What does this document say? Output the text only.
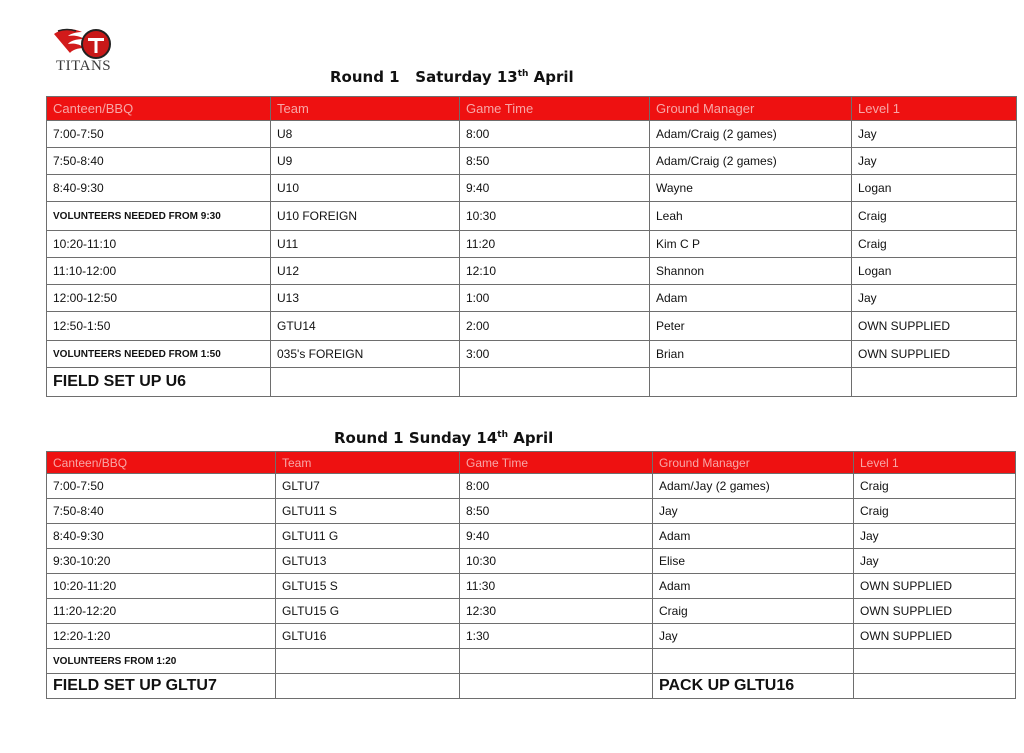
TITANS
Round 1   Saturday 13th April
Canteen/BBQ	Team	Game Time	Ground Manager	Level 1
7:00-7:50	U8	8:00	Adam/Craig (2 games)	Jay
7:50-8:40	U9	8:50	Adam/Craig (2 games)	Jay
8:40-9:30	U10	9:40	Wayne	Logan
VOLUNTEERS NEEDED FROM 9:30	U10 FOREIGN	10:30	Leah	Craig
10:20-11:10	U11	11:20	Kim C P	Craig
11:10-12:00	U12	12:10	Shannon	Logan
12:00-12:50	U13	1:00	Adam	Jay
12:50-1:50	GTU14	2:00	Peter	OWN SUPPLIED
VOLUNTEERS NEEDED FROM 1:50	035's FOREIGN	3:00	Brian	OWN SUPPLIED
FIELD SET UP U6				
Round 1 Sunday 14th April
Canteen/BBQ	Team	Game Time	Ground Manager	Level 1
7:00-7:50	GLTU7	8:00	Adam/Jay (2 games)	Craig
7:50-8:40	GLTU11 S	8:50	Jay	Craig
8:40-9:30	GLTU11 G	9:40	Adam	Jay
9:30-10:20	GLTU13	10:30	Elise	Jay
10:20-11:20	GLTU15 S	11:30	Adam	OWN SUPPLIED
11:20-12:20	GLTU15 G	12:30	Craig	OWN SUPPLIED
12:20-1:20	GLTU16	1:30	Jay	OWN SUPPLIED
VOLUNTEERS FROM 1:20				
FIELD SET UP GLTU7			PACK UP GLTU16	
